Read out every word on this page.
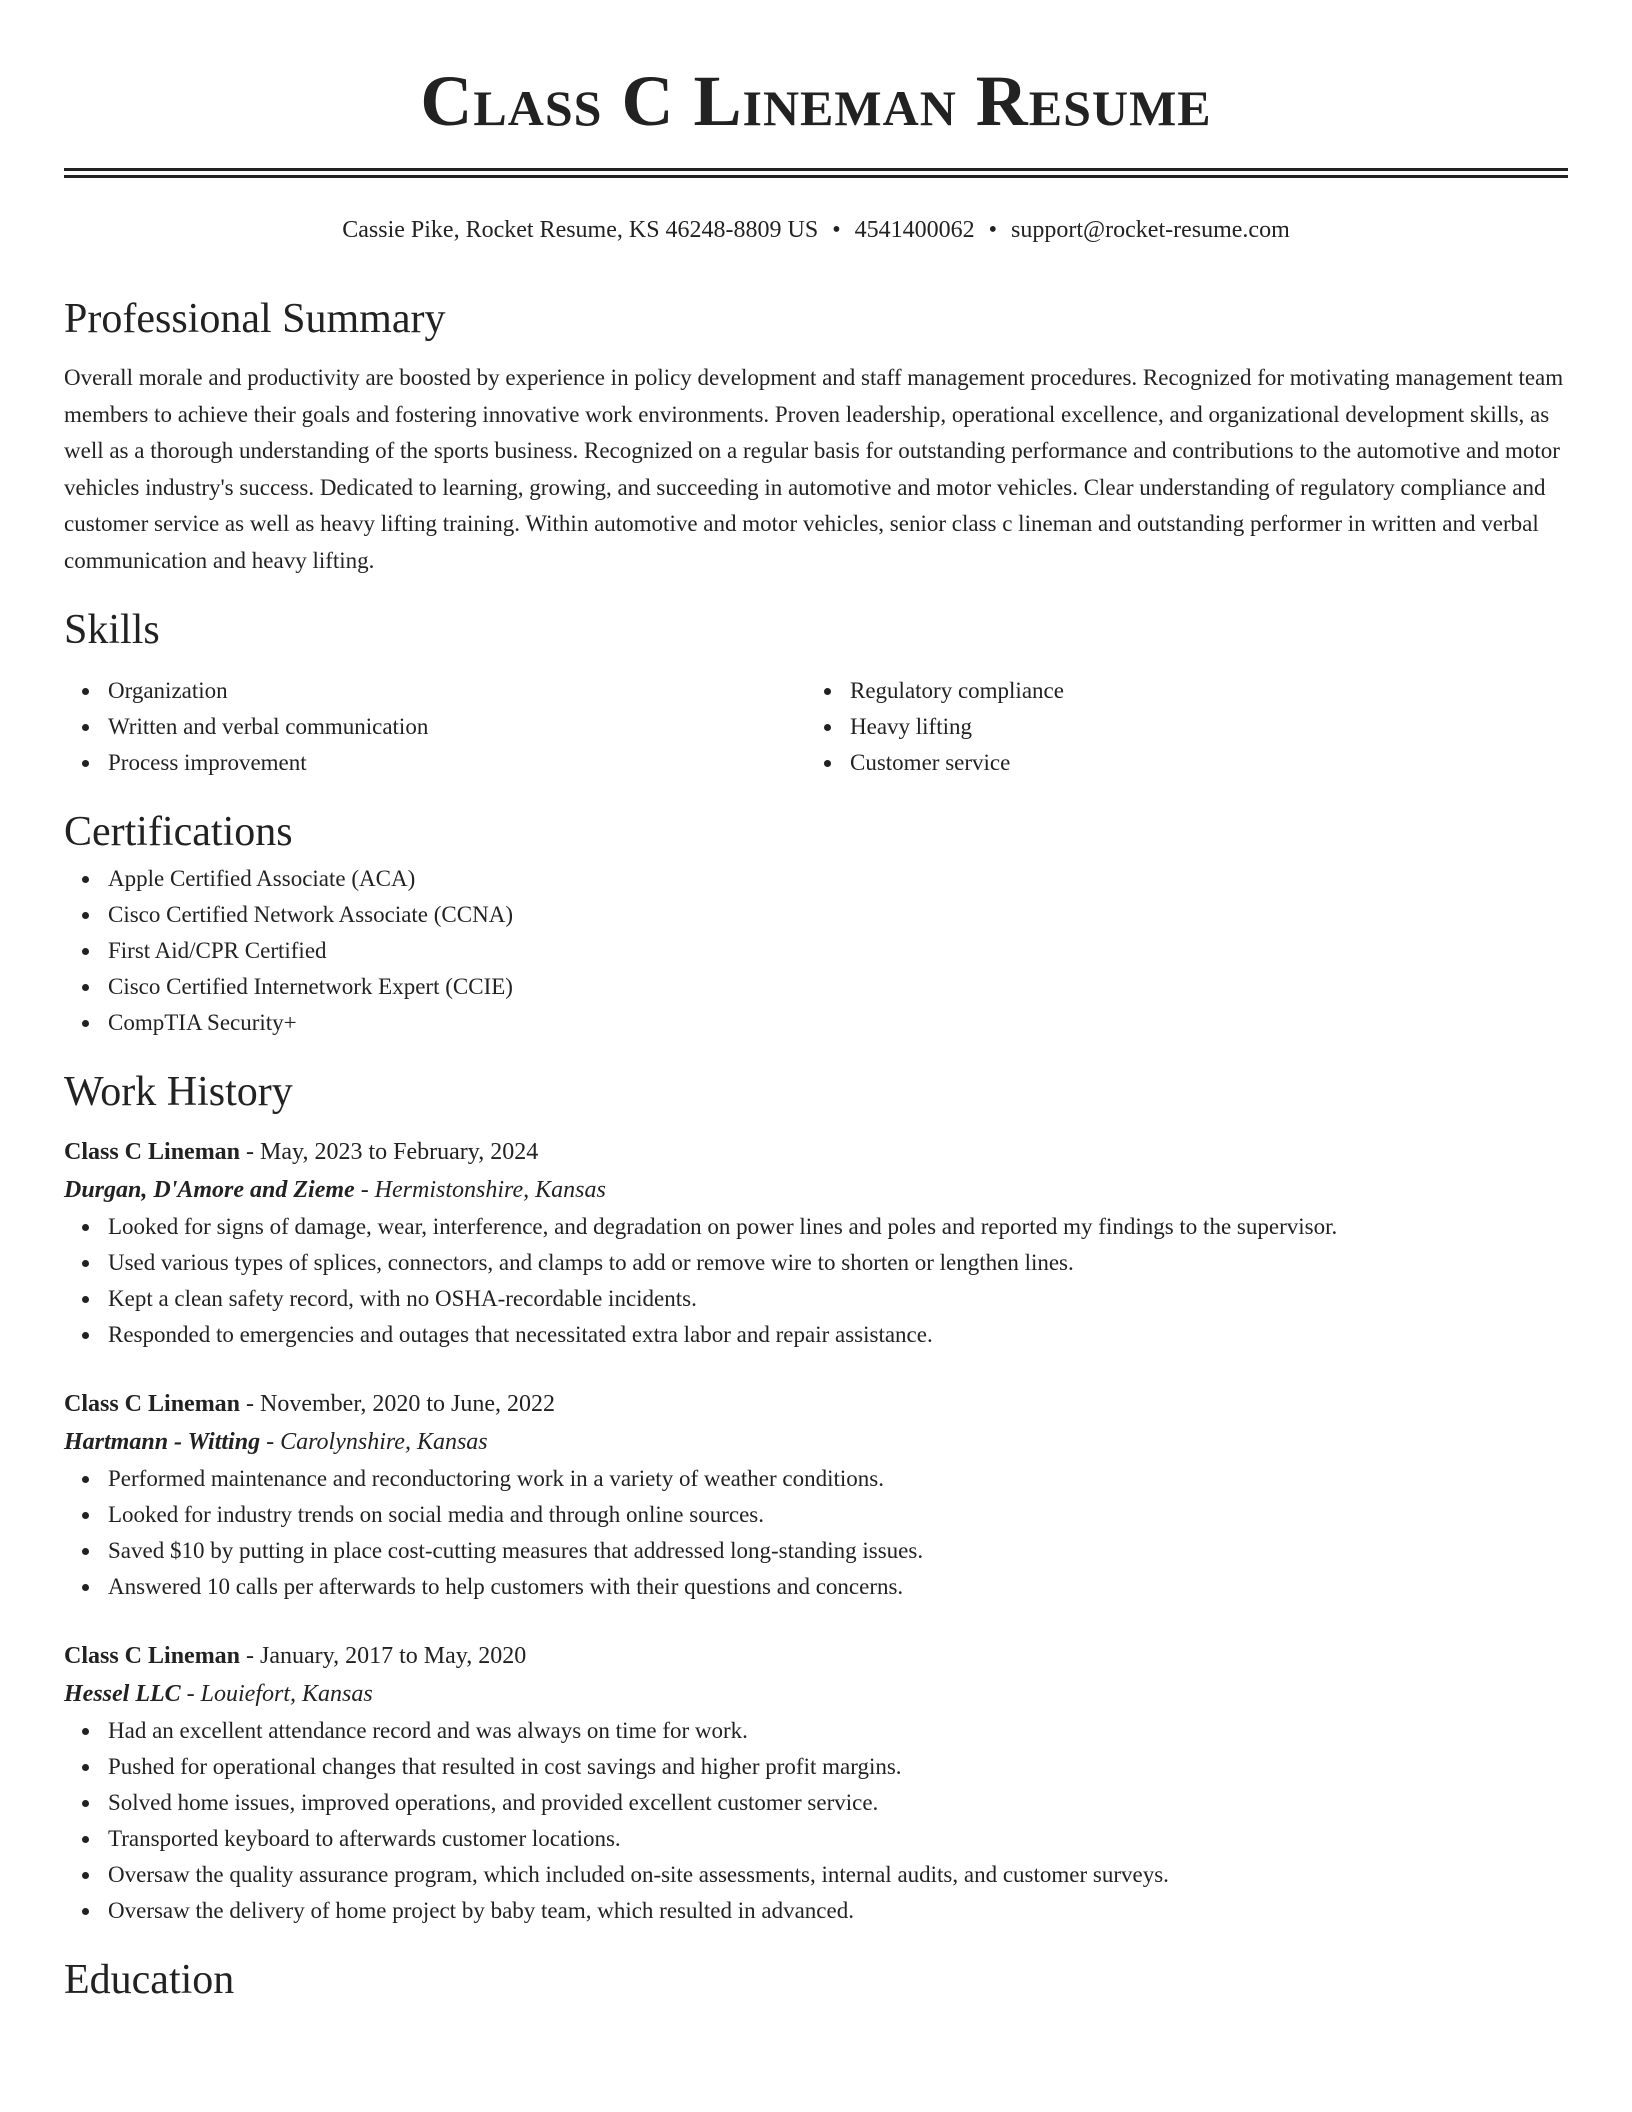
Class C Lineman Resume
Cassie Pike, Rocket Resume, KS 46248-8809 US • 4541400062 • support@rocket-resume.com
Professional Summary

Overall morale and productivity are boosted by experience in policy development and staff management procedures. Recognized for motivating management team members to achieve their goals and fostering innovative work environments. Proven leadership, operational excellence, and organizational development skills, as well as a thorough understanding of the sports business. Recognized on a regular basis for outstanding performance and contributions to the automotive and motor vehicles industry's success. Dedicated to learning, growing, and succeeding in automotive and motor vehicles. Clear understanding of regulatory compliance and customer service as well as heavy lifting training. Within automotive and motor vehicles, senior class c lineman and outstanding performer in written and verbal communication and heavy lifting.

Skills
Organization
Written and verbal communication
Process improvement
Regulatory compliance
Heavy lifting
Customer service
Certifications
Apple Certified Associate (ACA)
Cisco Certified Network Associate (CCNA)
First Aid/CPR Certified
Cisco Certified Internetwork Expert (CCIE)
CompTIA Security+
Work History
Class C Lineman - May, 2023 to February, 2024
Durgan, D'Amore and Zieme - Hermistonshire, Kansas
Looked for signs of damage, wear, interference, and degradation on power lines and poles and reported my findings to the supervisor.
Used various types of splices, connectors, and clamps to add or remove wire to shorten or lengthen lines.
Kept a clean safety record, with no OSHA-recordable incidents.
Responded to emergencies and outages that necessitated extra labor and repair assistance.
Class C Lineman - November, 2020 to June, 2022
Hartmann - Witting - Carolynshire, Kansas
Performed maintenance and reconductoring work in a variety of weather conditions.
Looked for industry trends on social media and through online sources.
Saved $10 by putting in place cost-cutting measures that addressed long-standing issues.
Answered 10 calls per afterwards to help customers with their questions and concerns.
Class C Lineman - January, 2017 to May, 2020
Hessel LLC - Louiefort, Kansas
Had an excellent attendance record and was always on time for work.
Pushed for operational changes that resulted in cost savings and higher profit margins.
Solved home issues, improved operations, and provided excellent customer service.
Transported keyboard to afterwards customer locations.
Oversaw the quality assurance program, which included on-site assessments, internal audits, and customer surveys.
Oversaw the delivery of home project by baby team, which resulted in advanced.
Education
